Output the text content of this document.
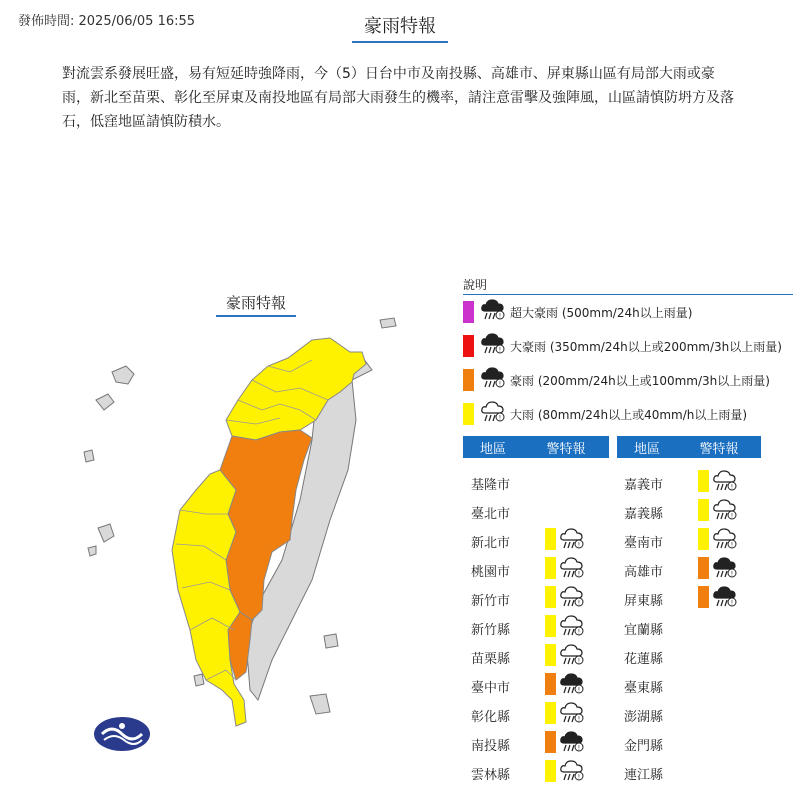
發佈時間: 2025/06/05 16:55	豪雨特報
對流雲系發展旺盛，易有短延時強降雨，今（5）日台中市及南投縣、高雄市、屏東縣山區有局部大雨或豪雨，新北至苗栗、彰化至屏東及南投地區有局部大雨發生的機率，請注意雷擊及強陣風，山區請慎防坍方及落石，低窪地區請慎防積水。
豪雨特報
說明
! 超大豪雨 (500mm/24h以上雨量)
! 大豪雨 (350mm/24h以上或200mm/3h以上雨量)
! 豪雨 (200mm/24h以上或100mm/3h以上雨量)
! 大雨 (80mm/24h以上或40mm/h以上雨量)
地區	警特報	地區	警特報
基隆市
臺北市
新北市	!
桃園市	!
新竹市	!
新竹縣	!
苗栗縣	!
臺中市	!
彰化縣	!
南投縣	!
雲林縣	!
嘉義市	!
嘉義縣	!
臺南市	!
高雄市	!
屏東縣	!
宜蘭縣
花蓮縣
臺東縣
澎湖縣
金門縣
連江縣
